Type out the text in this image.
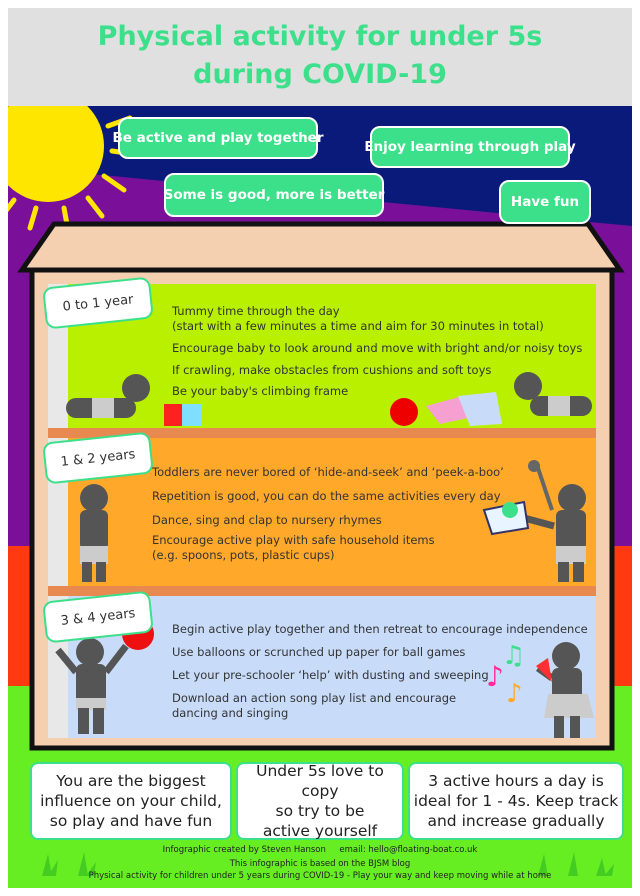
Physical activity for under 5s
during COVID-19
♪
♫
♪
Be active and play together
Enjoy learning through play
Some is good, more is better	Have fun
0 to 1 year
1 & 2 years
3 & 4 years
Tummy time through the day
(start with a few minutes a time and aim for 30 minutes in total)
Encourage baby to look around and move with bright and/or noisy toys
If crawling, make obstacles from cushions and soft toys
Be your baby's climbing frame
Toddlers are never bored of ‘hide-and-seek’ and ‘peek-a-boo’
Repetition is good, you can do the same activities every day
Dance, sing and clap to nursery rhymes
Encourage active play with safe household items
(e.g. spoons, pots, plastic cups)
Begin active play together and then retreat to encourage independence
Use balloons or scrunched up paper for ball games
Let your pre-schooler ‘help’ with dusting and sweeping
Download an action song play list and encourage
dancing and singing
You are the biggest
influence on your child,
so play and have fun
Under 5s love to copy
so try to be
active yourself
3 active hours a day is
ideal for 1 - 4s. Keep track
and increase gradually
Infographic created by Steven Hanson email: hello@floating-boat.co.uk
This infographic is based on the BJSM blog
Physical activity for children under 5 years during COVID-19 - Play your way and keep moving while at home
